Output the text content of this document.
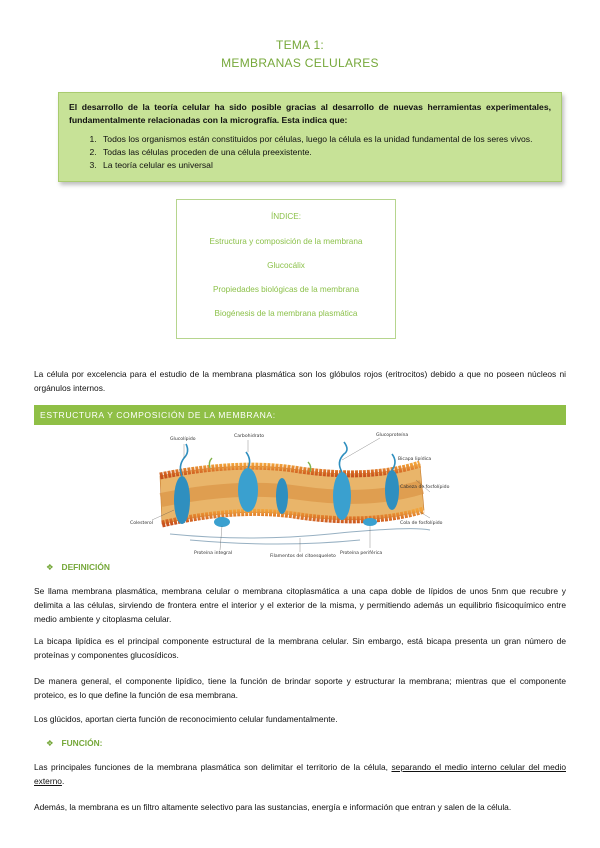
TEMA 1:
MEMBRANAS CELULARES

El desarrollo de la teoría celular ha sido posible gracias al desarrollo de nuevas herramientas experimentales, fundamentalmente relacionadas con la micrografía. Esta indica que:

1. Todos los organismos están constituidos por células, luego la célula es la unidad fundamental de los seres vivos.
2. Todas las células proceden de una célula preexistente.
3. La teoría celular es universal
ÍNDICE:
Estructura y composición de la membrana
Glucocálix
Propiedades biológicas de la membrana
Biogénesis de la membrana plasmática
La célula por excelencia para el estudio de la membrana plasmática son los glóbulos rojos (eritrocitos) debido a que no poseen núcleos ni orgánulos internos.
ESTRUCTURA Y COMPOSICIÓN DE LA MEMBRANA:
Glucolípido
Carbohidrato	Glucoproteína
Colesterol
Proteína periférica
Proteína integral
Filamentos del citoesqueleto
Bicapa lipídica
Cabeza de fosfolípido
Cola de fosfolípido
❖ DEFINICIÓN
Se llama membrana plasmática, membrana celular o membrana citoplasmática a una capa doble de lípidos de unos 5nm que recubre y delimita a las células, sirviendo de frontera entre el interior y el exterior de la misma, y permitiendo además un equilibrio fisicoquímico entre medio ambiente y citoplasma celular.
La bicapa lipídica es el principal componente estructural de la membrana celular. Sin embargo, está bicapa presenta un gran número de proteínas y componentes glucosídicos.
De manera general, el componente lipídico, tiene la función de brindar soporte y estructurar la membrana; mientras que el componente proteico, es lo que define la función de esa membrana.
Los glúcidos, aportan cierta función de reconocimiento celular fundamentalmente.
❖ FUNCIÓN:
Las principales funciones de la membrana plasmática son delimitar el territorio de la célula, separando el medio interno celular del medio externo.
Además, la membrana es un filtro altamente selectivo para las sustancias, energía e información que entran y salen de la célula.
